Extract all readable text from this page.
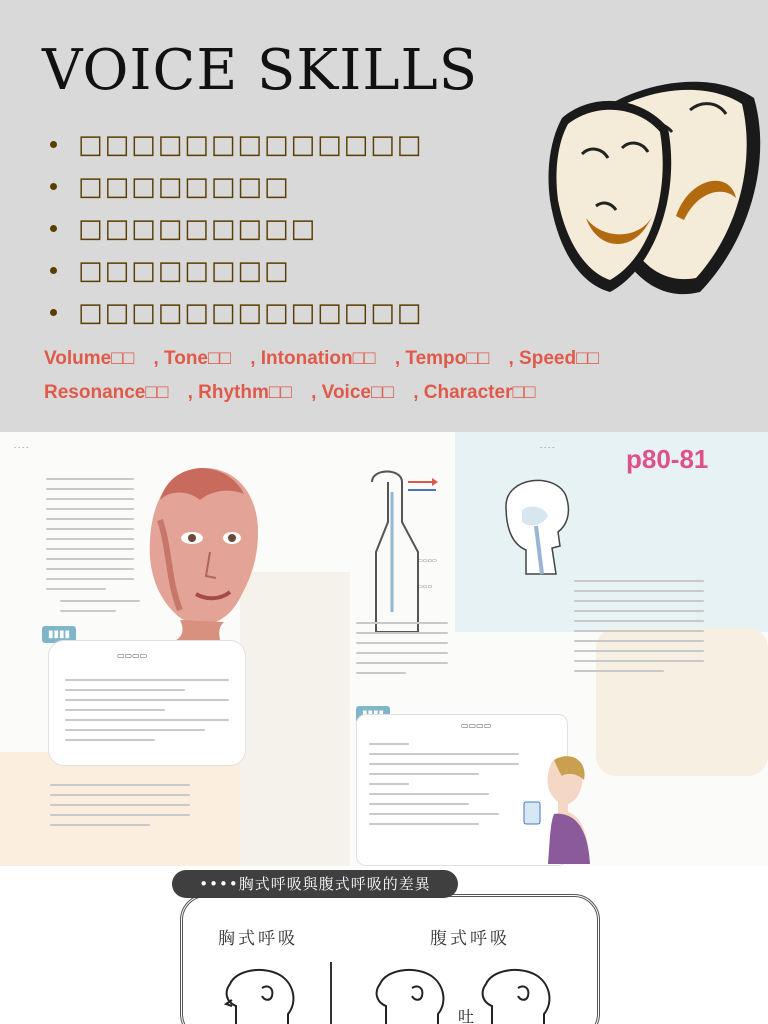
VOICE SKILLS
□□□□□□□□□□□□□
□□□□□□□□
□□□□□□□□□
□□□□□□□□
□□□□□□□□□□□□□
Volume□□ , Tone□□ , Intonation□□ , Tempo□□ , Speed□□
Resonance□□ , Rhythm□□ , Voice□□ , Character□□
- - - -	- - - -
▮▮▮▮
▭▭▭▭
▭▭▭▭
▭▭▭
▭▭▭▭
p80-81
••••胸式呼吸與腹式呼吸的差異
胸式呼吸	腹式呼吸
吐
